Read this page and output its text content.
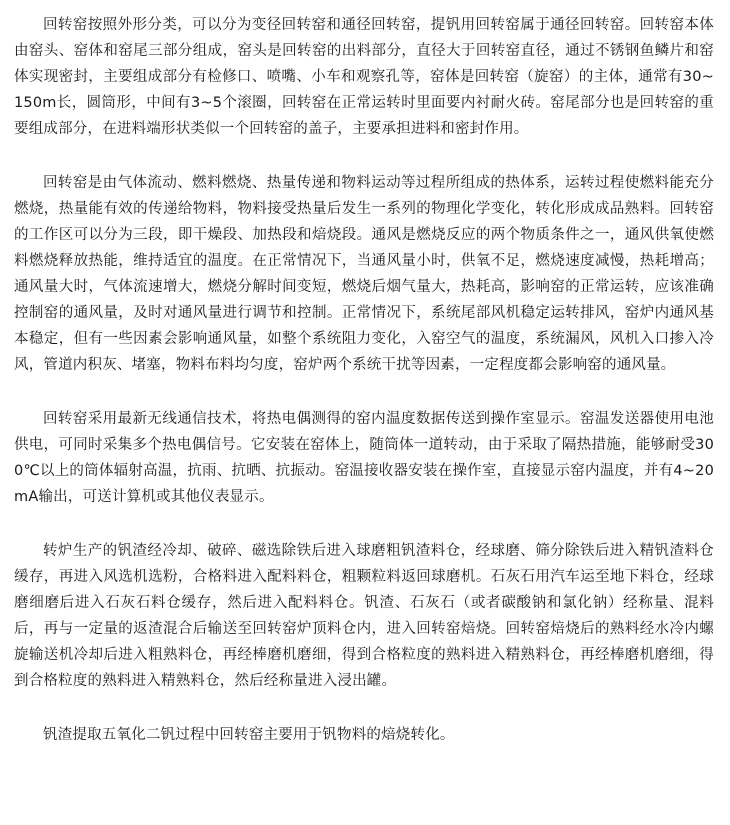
回转窑按照外形分类，可以分为变径回转窑和通径回转窑，提钒用回转窑属于通径回转窑。回转窑本体由窑头、窑体和窑尾三部分组成，窑头是回转窑的出料部分，直径大于回转窑直径，通过不锈钢鱼鳞片和窑体实现密封，主要组成部分有检修口、喷嘴、小车和观察孔等，窑体是回转窑（旋窑）的主体，通常有30~150m长，圆筒形，中间有3~5个滚圈，回转窑在正常运转时里面要内衬耐火砖。窑尾部分也是回转窑的重要组成部分，在进料端形状类似一个回转窑的盖子，主要承担进料和密封作用。

回转窑是由气体流动、燃料燃烧、热量传递和物料运动等过程所组成的热体系，运转过程使燃料能充分燃烧，热量能有效的传递给物料，物料接受热量后发生一系列的物理化学变化，转化形成成品熟料。回转窑的工作区可以分为三段，即干燥段、加热段和焙烧段。通风是燃烧反应的两个物质条件之一，通风供氧使燃料燃烧释放热能，维持适宜的温度。在正常情况下，当通风量小时，供氧不足，燃烧速度减慢，热耗增高；通风量大时，气体流速增大，燃烧分解时间变短，燃烧后烟气量大，热耗高，影响窑的正常运转，应该准确控制窑的通风量，及时对通风量进行调节和控制。正常情况下，系统尾部风机稳定运转排风，窑炉内通风基本稳定，但有一些因素会影响通风量，如整个系统阻力变化，入窑空气的温度，系统漏风，风机入口掺入冷风，管道内积灰、堵塞，物料布料均匀度，窑炉两个系统干扰等因素，一定程度都会影响窑的通风量。

回转窑采用最新无线通信技术，将热电偶测得的窑内温度数据传送到操作室显示。窑温发送器使用电池供电，可同时采集多个热电偶信号。它安装在窑体上，随筒体一道转动，由于采取了隔热措施，能够耐受300℃以上的筒体辐射高温，抗雨、抗晒、抗振动。窑温接收器安装在操作室，直接显示窑内温度，并有4~20mA输出，可送计算机或其他仪表显示。

转炉生产的钒渣经冷却、破碎、磁选除铁后进入球磨粗钒渣料仓，经球磨、筛分除铁后进入精钒渣料仓缓存，再进入风选机选粉，合格料进入配料料仓，粗颗粒料返回球磨机。石灰石用汽车运至地下料仓，经球磨细磨后进入石灰石料仓缓存，然后进入配料料仓。钒渣、石灰石（或者碳酸钠和氯化钠）经称量、混料后，再与一定量的返渣混合后输送至回转窑炉顶料仓内，进入回转窑焙烧。回转窑焙烧后的熟料经水冷内螺旋输送机冷却后进入粗熟料仓，再经棒磨机磨细，得到合格粒度的熟料进入精熟料仓，再经棒磨机磨细，得到合格粒度的熟料进入精熟料仓，然后经称量进入浸出罐。

钒渣提取五氧化二钒过程中回转窑主要用于钒物料的焙烧转化。
